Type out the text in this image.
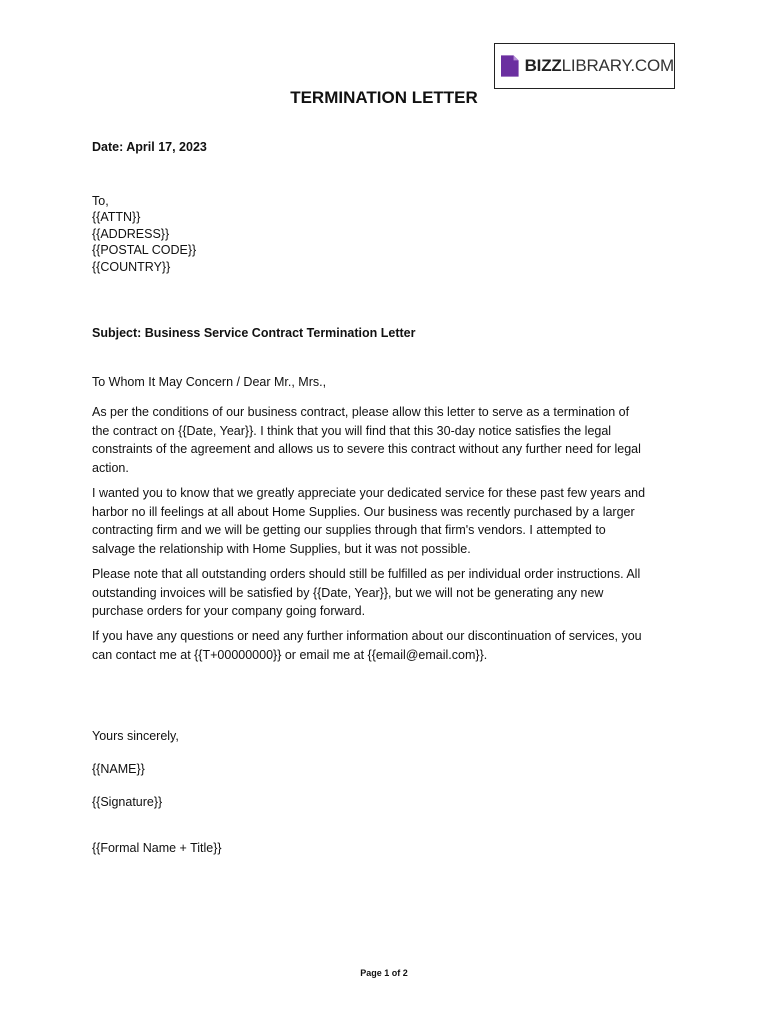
BIZZLIBRARY.COM
TERMINATION LETTER
Date: April 17, 2023
To,
{{ATTN}}
{{ADDRESS}}
{{POSTAL CODE}}
{{COUNTRY}}
Subject: Business Service Contract Termination Letter
To Whom It May Concern / Dear Mr., Mrs.,
As per the conditions of our business contract, please allow this letter to serve as a termination of
the contract on {{Date, Year}}. I think that you will find that this 30-day notice satisfies the legal
constraints of the agreement and allows us to severe this contract without any further need for legal
action.
I wanted you to know that we greatly appreciate your dedicated service for these past few years and
harbor no ill feelings at all about Home Supplies. Our business was recently purchased by a larger
contracting firm and we will be getting our supplies through that firm's vendors. I attempted to
salvage the relationship with Home Supplies, but it was not possible.
Please note that all outstanding orders should still be fulfilled as per individual order instructions. All
outstanding invoices will be satisfied by {{Date, Year}}, but we will not be generating any new
purchase orders for your company going forward.
If you have any questions or need any further information about our discontinuation of services, you
can contact me at {{T+00000000}} or email me at {{email@email.com}}.
Yours sincerely,
{{NAME}}
{{Signature}}
{{Formal Name + Title}}
Page 1 of 2
